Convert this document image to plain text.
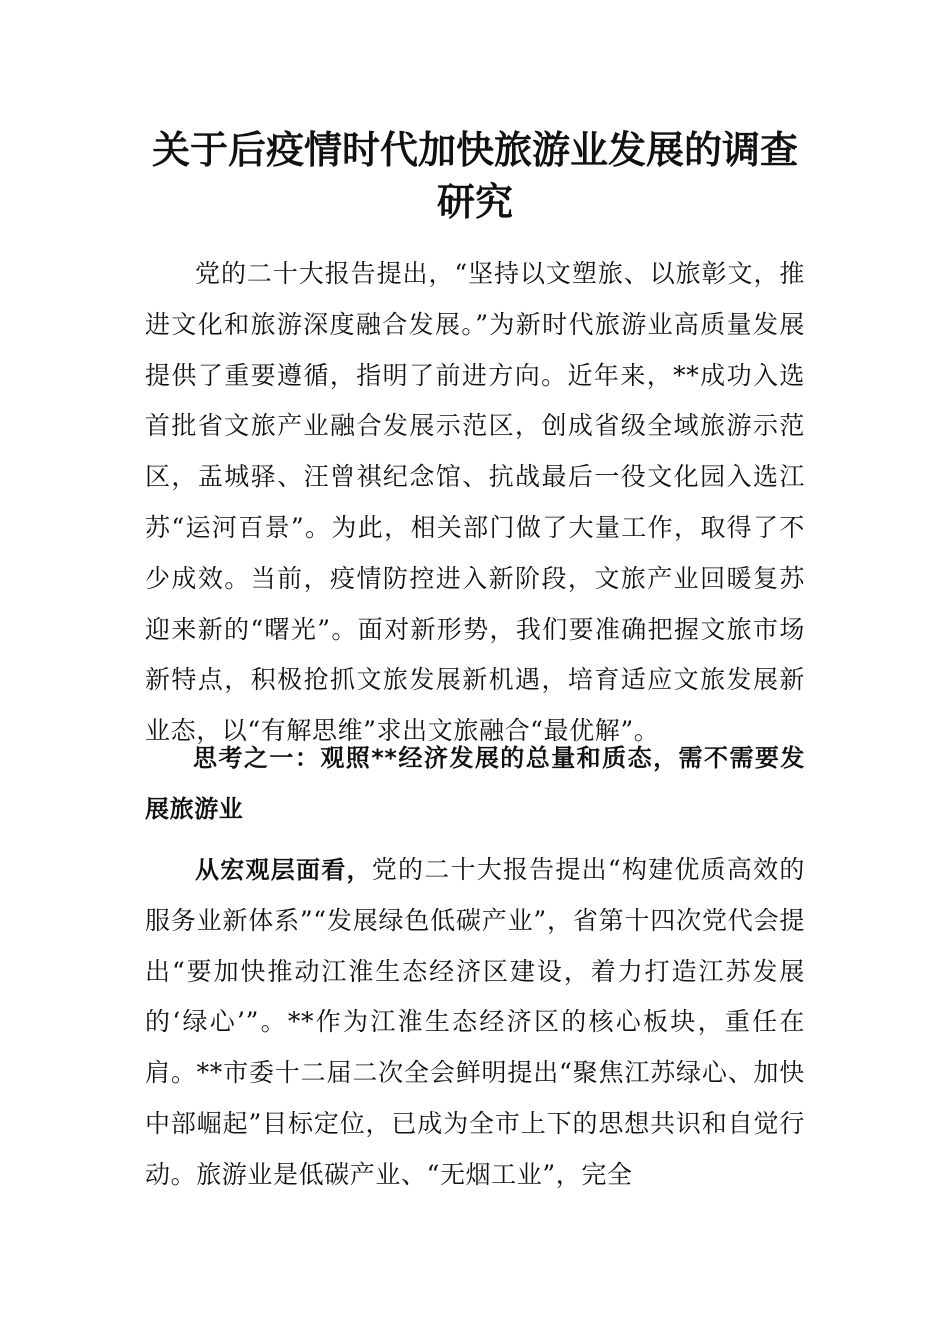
关于后疫情时代加快旅游业发展的调查研究

党的二十大报告提出，“坚持以文塑旅、以旅彰文，推进文化和旅游深度融合发展。”为新时代旅游业高质量发展提供了重要遵循，指明了前进方向。近年来，**成功入选首批省文旅产业融合发展示范区，创成省级全域旅游示范区，盂城驿、汪曾祺纪念馆、抗战最后一役文化园入选江苏“运河百景”。为此，相关部门做了大量工作，取得了不少成效。当前，疫情防控进入新阶段，文旅产业回暖复苏迎来新的“曙光”。面对新形势，我们要准确把握文旅市场新特点，积极抢抓文旅发展新机遇，培育适应文旅发展新业态，以“有解思维”求出文旅融合“最优解”。

思考之一：观照**经济发展的总量和质态，需不需要发展旅游业

从宏观层面看，党的二十大报告提出“构建优质高效的服务业新体系”“发展绿色低碳产业”，省第十四次党代会提出“要加快推动江淮生态经济区建设，着力打造江苏发展的‘绿心’”。**作为江淮生态经济区的核心板块，重任在肩。**市委十二届二次全会鲜明提出“聚焦江苏绿心、加快中部崛起”目标定位，已成为全市上下的思想共识和自觉行动。旅游业是低碳产业、“无烟工业”，完全
